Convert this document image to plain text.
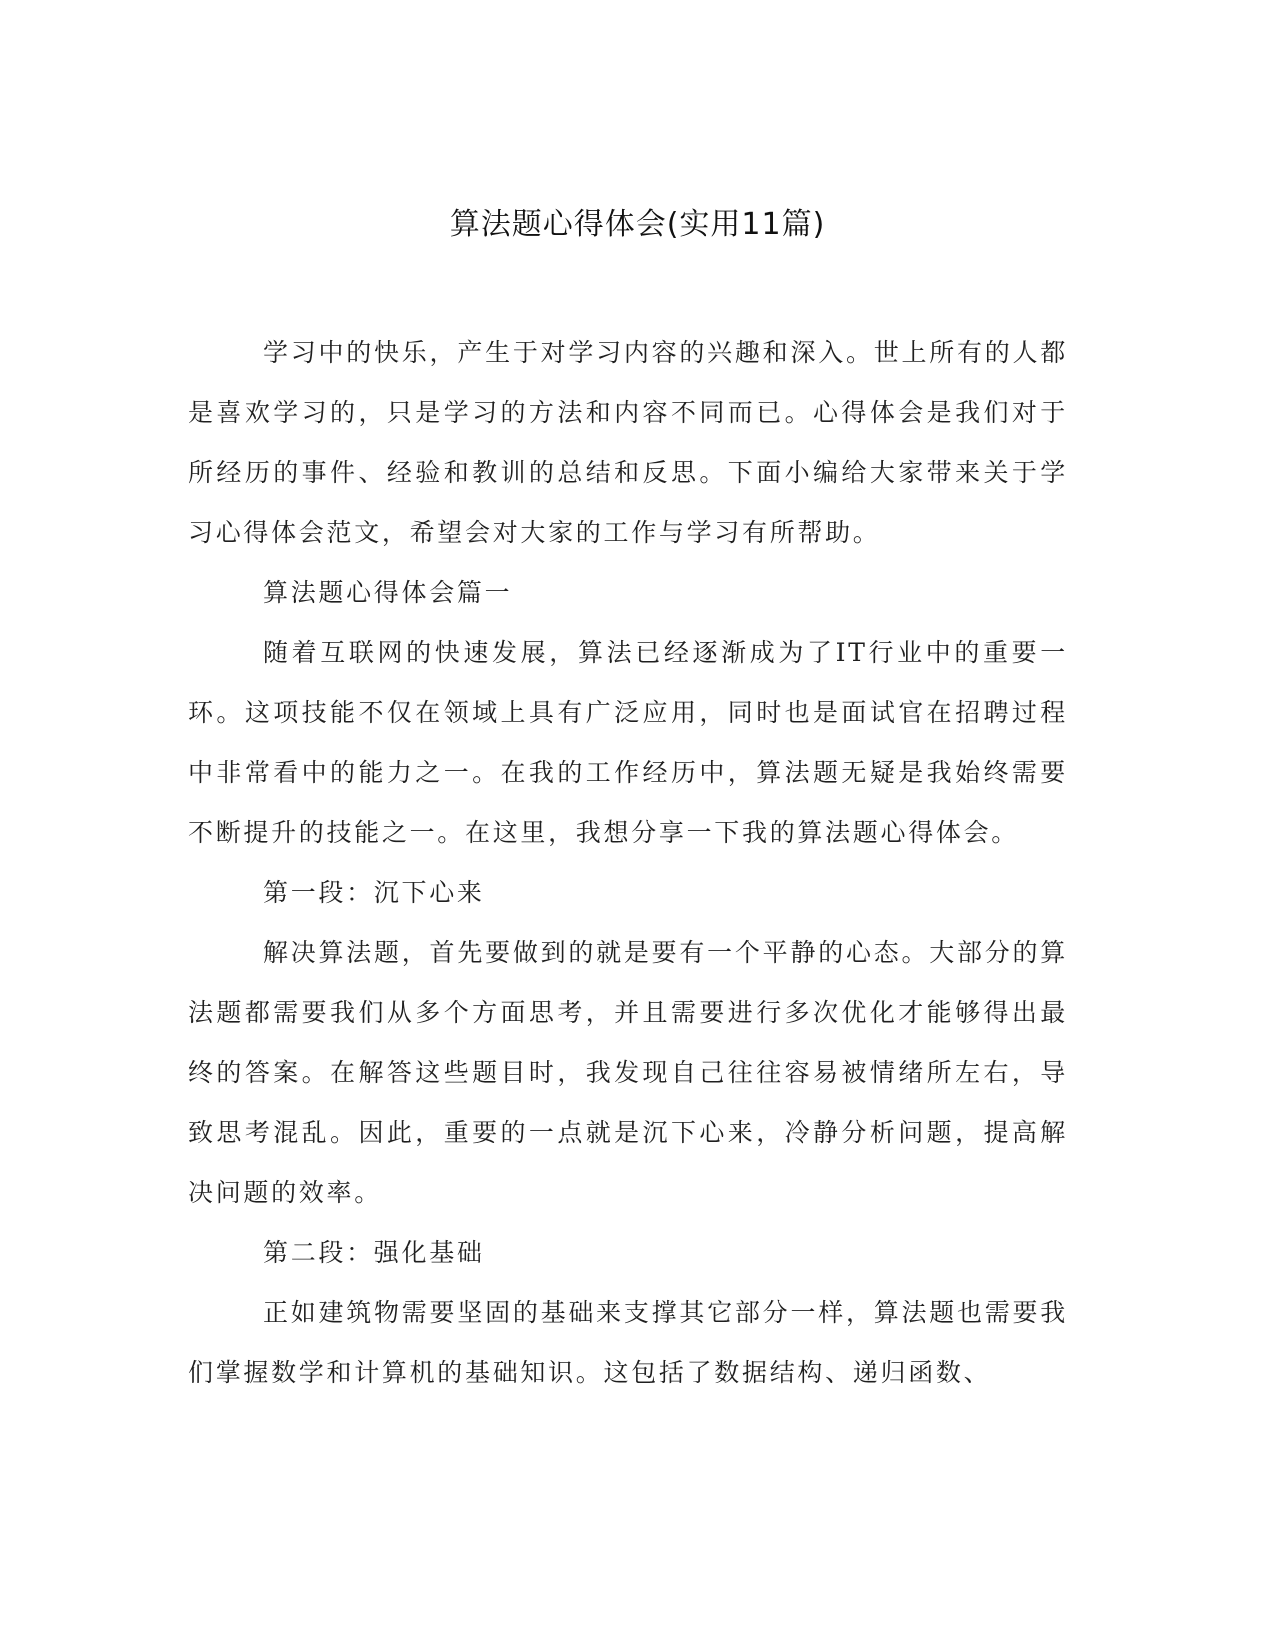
算法题心得体会(实用11篇)

学习中的快乐，产生于对学习内容的兴趣和深入。世上所有的人都是喜欢学习的，只是学习的方法和内容不同而已。心得体会是我们对于所经历的事件、经验和教训的总结和反思。下面小编给大家带来关于学习心得体会范文，希望会对大家的工作与学习有所帮助。

算法题心得体会篇一

随着互联网的快速发展，算法已经逐渐成为了IT行业中的重要一环。这项技能不仅在领域上具有广泛应用，同时也是面试官在招聘过程中非常看中的能力之一。在我的工作经历中，算法题无疑是我始终需要不断提升的技能之一。在这里，我想分享一下我的算法题心得体会。

第一段：沉下心来

解决算法题，首先要做到的就是要有一个平静的心态。大部分的算法题都需要我们从多个方面思考，并且需要进行多次优化才能够得出最终的答案。在解答这些题目时，我发现自己往往容易被情绪所左右，导致思考混乱。因此，重要的一点就是沉下心来，冷静分析问题，提高解决问题的效率。

第二段：强化基础

正如建筑物需要坚固的基础来支撑其它部分一样，算法题也需要我们掌握数学和计算机的基础知识。这包括了数据结构、递归函数、
